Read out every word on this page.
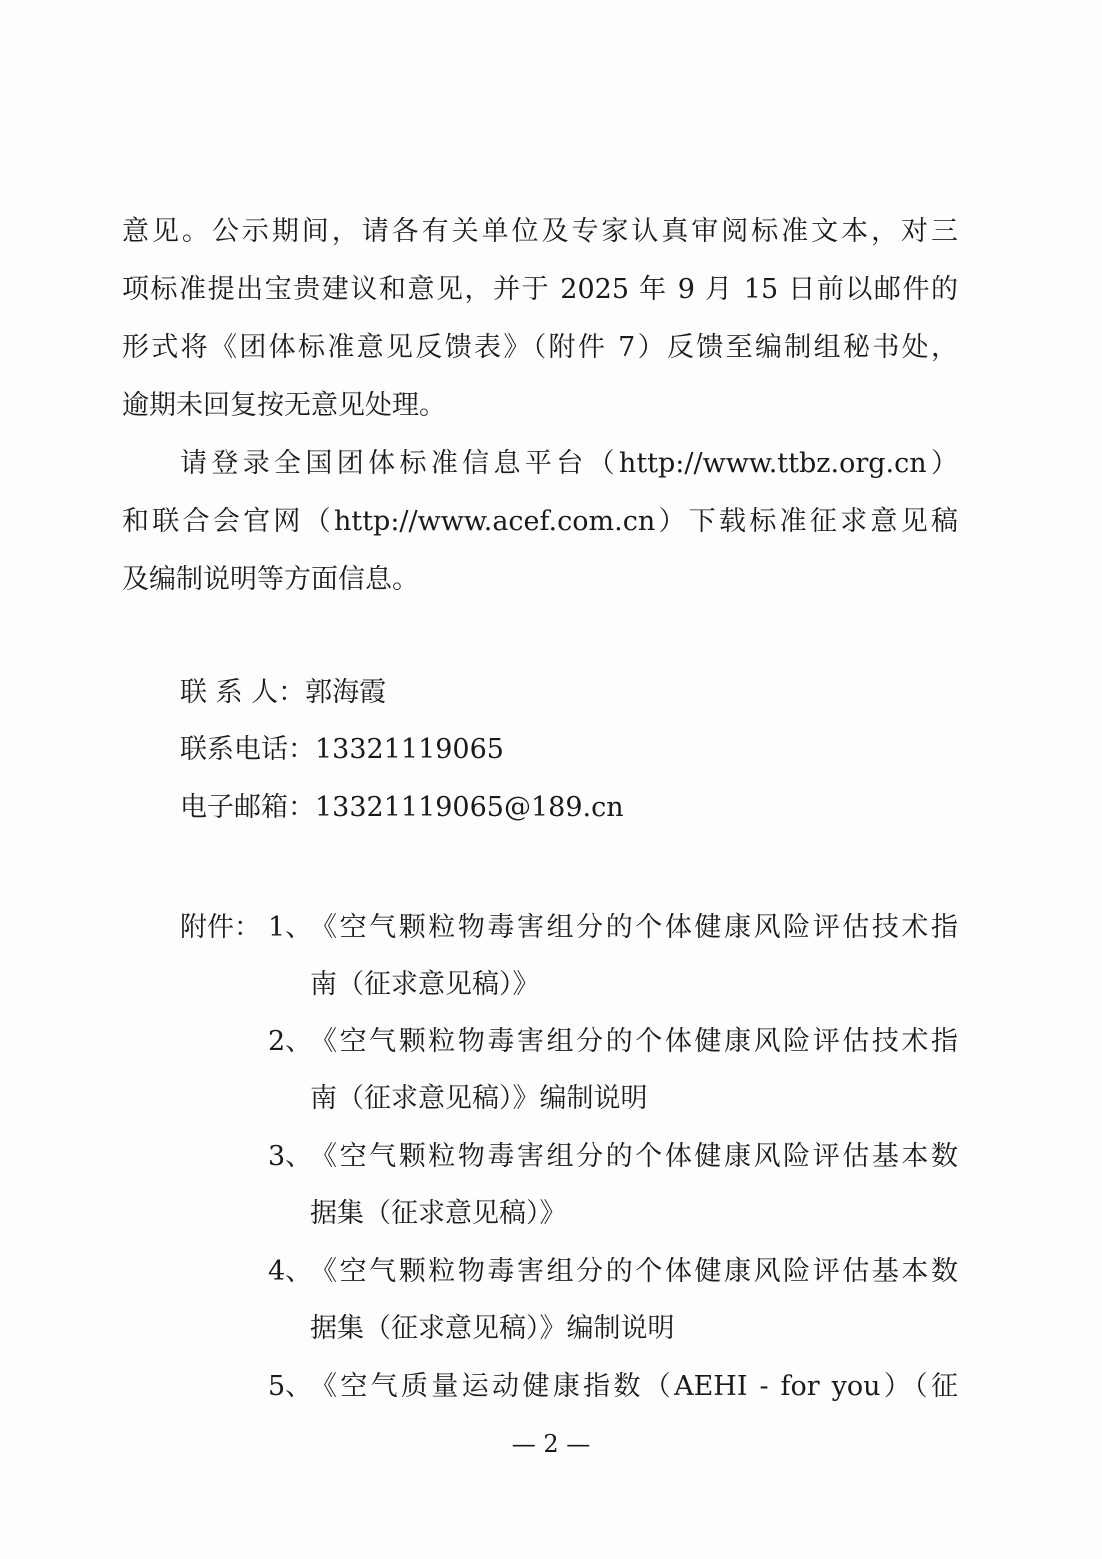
意见。公示期间，请各有关单位及专家认真审阅标准文本，对三
项标准提出宝贵建议和意见，并于 2025 年 9 月 15 日前以邮件的
形式将《团体标准意见反馈表》（附件 7）反馈至编制组秘书处，
逾期未回复按无意见处理。
请登录全国团体标准信息平台（http://www.ttbz.org.cn）
和联合会官网（http://www.acef.com.cn）下载标准征求意见稿
及编制说明等方面信息。
联 系 人：郭海霞
联系电话：13321119065
电子邮箱：13321119065@189.cn
附件： 1、
《空气颗粒物毒害组分的个体健康风险评估技术指
南（征求意见稿）》
2、
《空气颗粒物毒害组分的个体健康风险评估技术指
南（征求意见稿）》编制说明
3、
《空气颗粒物毒害组分的个体健康风险评估基本数
据集（征求意见稿）》
4、
《空气颗粒物毒害组分的个体健康风险评估基本数
据集（征求意见稿）》编制说明
5、
《空气质量运动健康指数（AEHI - for you）（征
— 2 —
